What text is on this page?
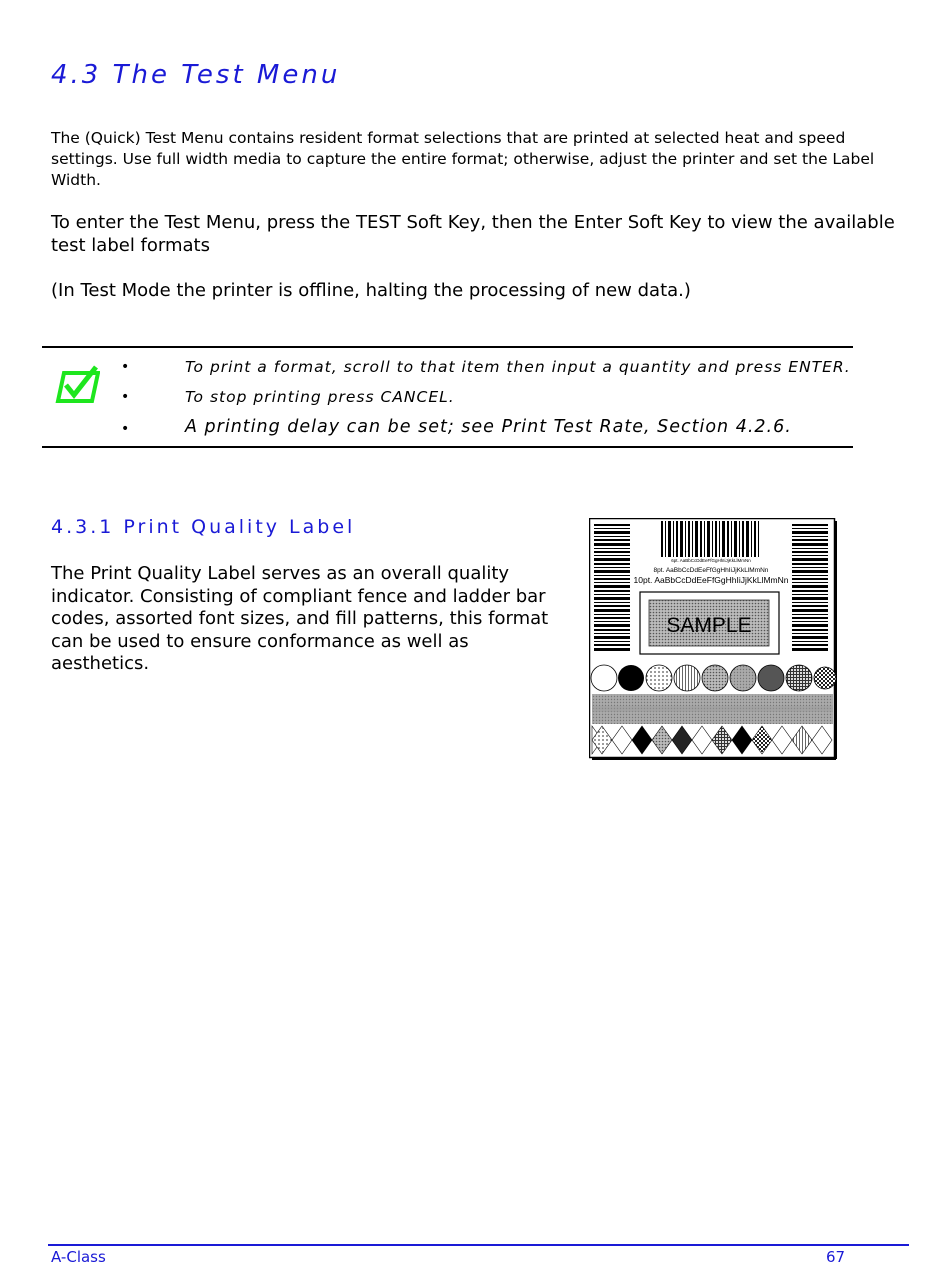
4.3 The Test Menu
The (Quick) Test Menu contains resident format selections that are printed at selected heat and speed settings. Use full width media to capture the entire format; otherwise, adjust the printer and set the Label Width.
To enter the Test Menu, press the TEST Soft Key, then the Enter Soft Key to view the available test label formats
(In Test Mode the printer is offline, halting the processing of new data.)
•	To print a format, scroll to that item then input a quantity and press ENTER.
•	To stop printing press CANCEL.
•	A printing delay can be set; see Print Test Rate, Section 4.2.6.
4.3.1 Print Quality Label
The Print Quality Label serves as an overall quality indicator. Consisting of compliant fence and ladder bar codes, assorted font sizes, and fill patterns, this format can be used to ensure conformance as well as aesthetics.
6pt. AaBbCcDdEeFfGgHhIiJjKkLlMmNn
8pt. AaBbCcDdEeFfGgHhIiJjKkLlMmNn
10pt. AaBbCcDdEeFfGgHhIiJjKkLlMmNn
SAMPLE
A-Class	67
